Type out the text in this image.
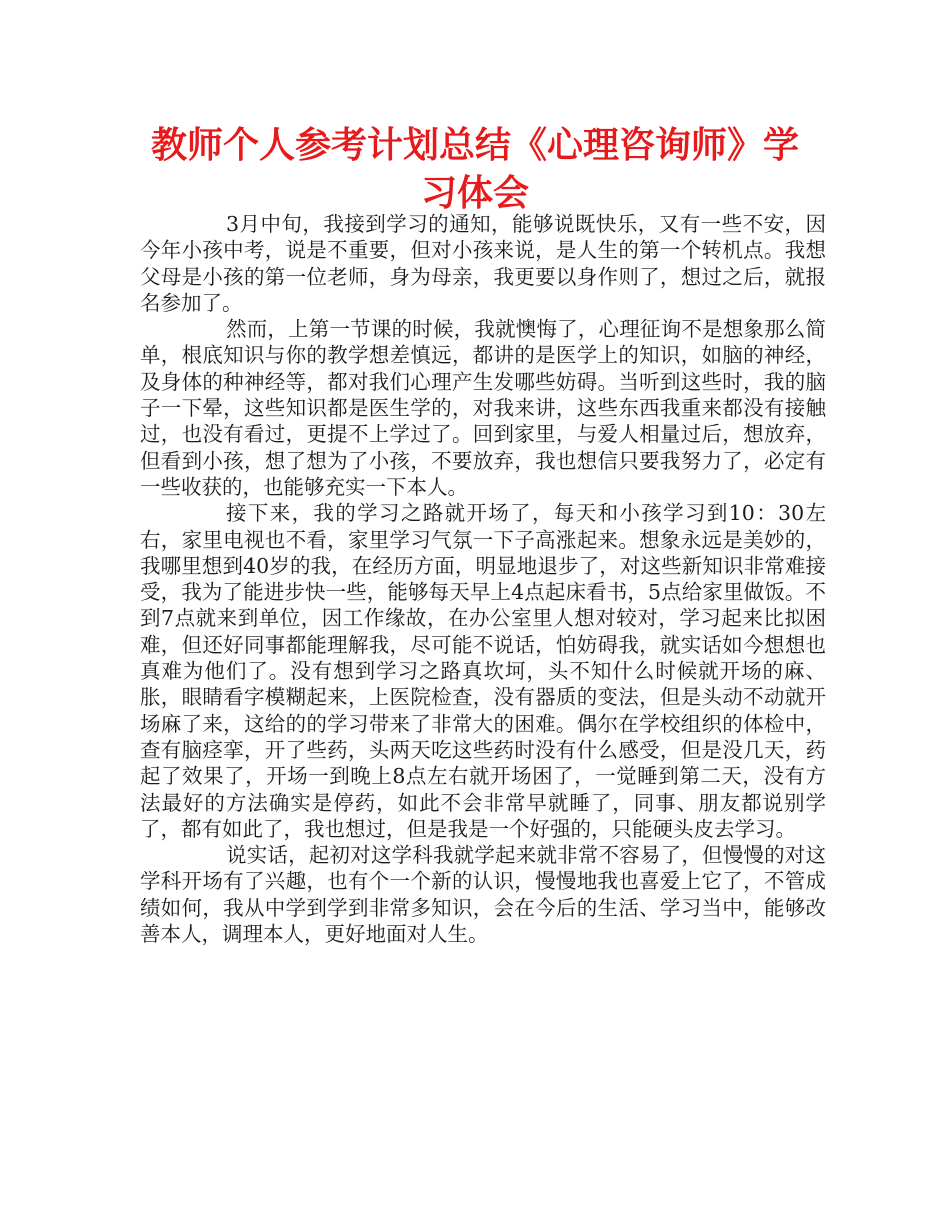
教师个人参考计划总结《心理咨询师》学习体会

3月中旬，我接到学习的通知，能够说既快乐，又有一些不安，因今年小孩中考，说是不重要，但对小孩来说，是人生的第一个转机点。我想父母是小孩的第一位老师，身为母亲，我更要以身作则了，想过之后，就报名参加了。

然而，上第一节课的时候，我就懊悔了，心理征询不是想象那么简单，根底知识与你的教学想差慎远，都讲的是医学上的知识，如脑的神经，及身体的种神经等，都对我们心理产生发哪些妨碍。当听到这些时，我的脑子一下晕，这些知识都是医生学的，对我来讲，这些东西我重来都没有接触过，也没有看过，更提不上学过了。回到家里，与爱人相量过后，想放弃，但看到小孩，想了想为了小孩，不要放弃，我也想信只要我努力了，必定有一些收获的，也能够充实一下本人。

接下来，我的学习之路就开场了，每天和小孩学习到10：30左右，家里电视也不看，家里学习气氛一下子高涨起来。想象永远是美妙的，我哪里想到40岁的我，在经历方面，明显地退步了，对这些新知识非常难接受，我为了能进步快一些，能够每天早上4点起床看书，5点给家里做饭。不到7点就来到单位，因工作缘故，在办公室里人想对较对，学习起来比拟困难，但还好同事都能理解我，尽可能不说话，怕妨碍我，就实话如今想想也真难为他们了。没有想到学习之路真坎坷，头不知什么时候就开场的麻、胀，眼睛看字模糊起来，上医院检查，没有器质的变法，但是头动不动就开场麻了来，这给的的学习带来了非常大的困难。偶尔在学校组织的体检中，查有脑痉挛，开了些药，头两天吃这些药时没有什么感受，但是没几天，药起了效果了，开场一到晚上8点左右就开场困了，一觉睡到第二天，没有方法最好的方法确实是停药，如此不会非常早就睡了，同事、朋友都说别学了，都有如此了，我也想过，但是我是一个好强的，只能硬头皮去学习。

说实话，起初对这学科我就学起来就非常不容易了，但慢慢的对这学科开场有了兴趣，也有个一个新的认识，慢慢地我也喜爱上它了，不管成绩如何，我从中学到学到非常多知识，会在今后的生活、学习当中，能够改善本人，调理本人，更好地面对人生。
